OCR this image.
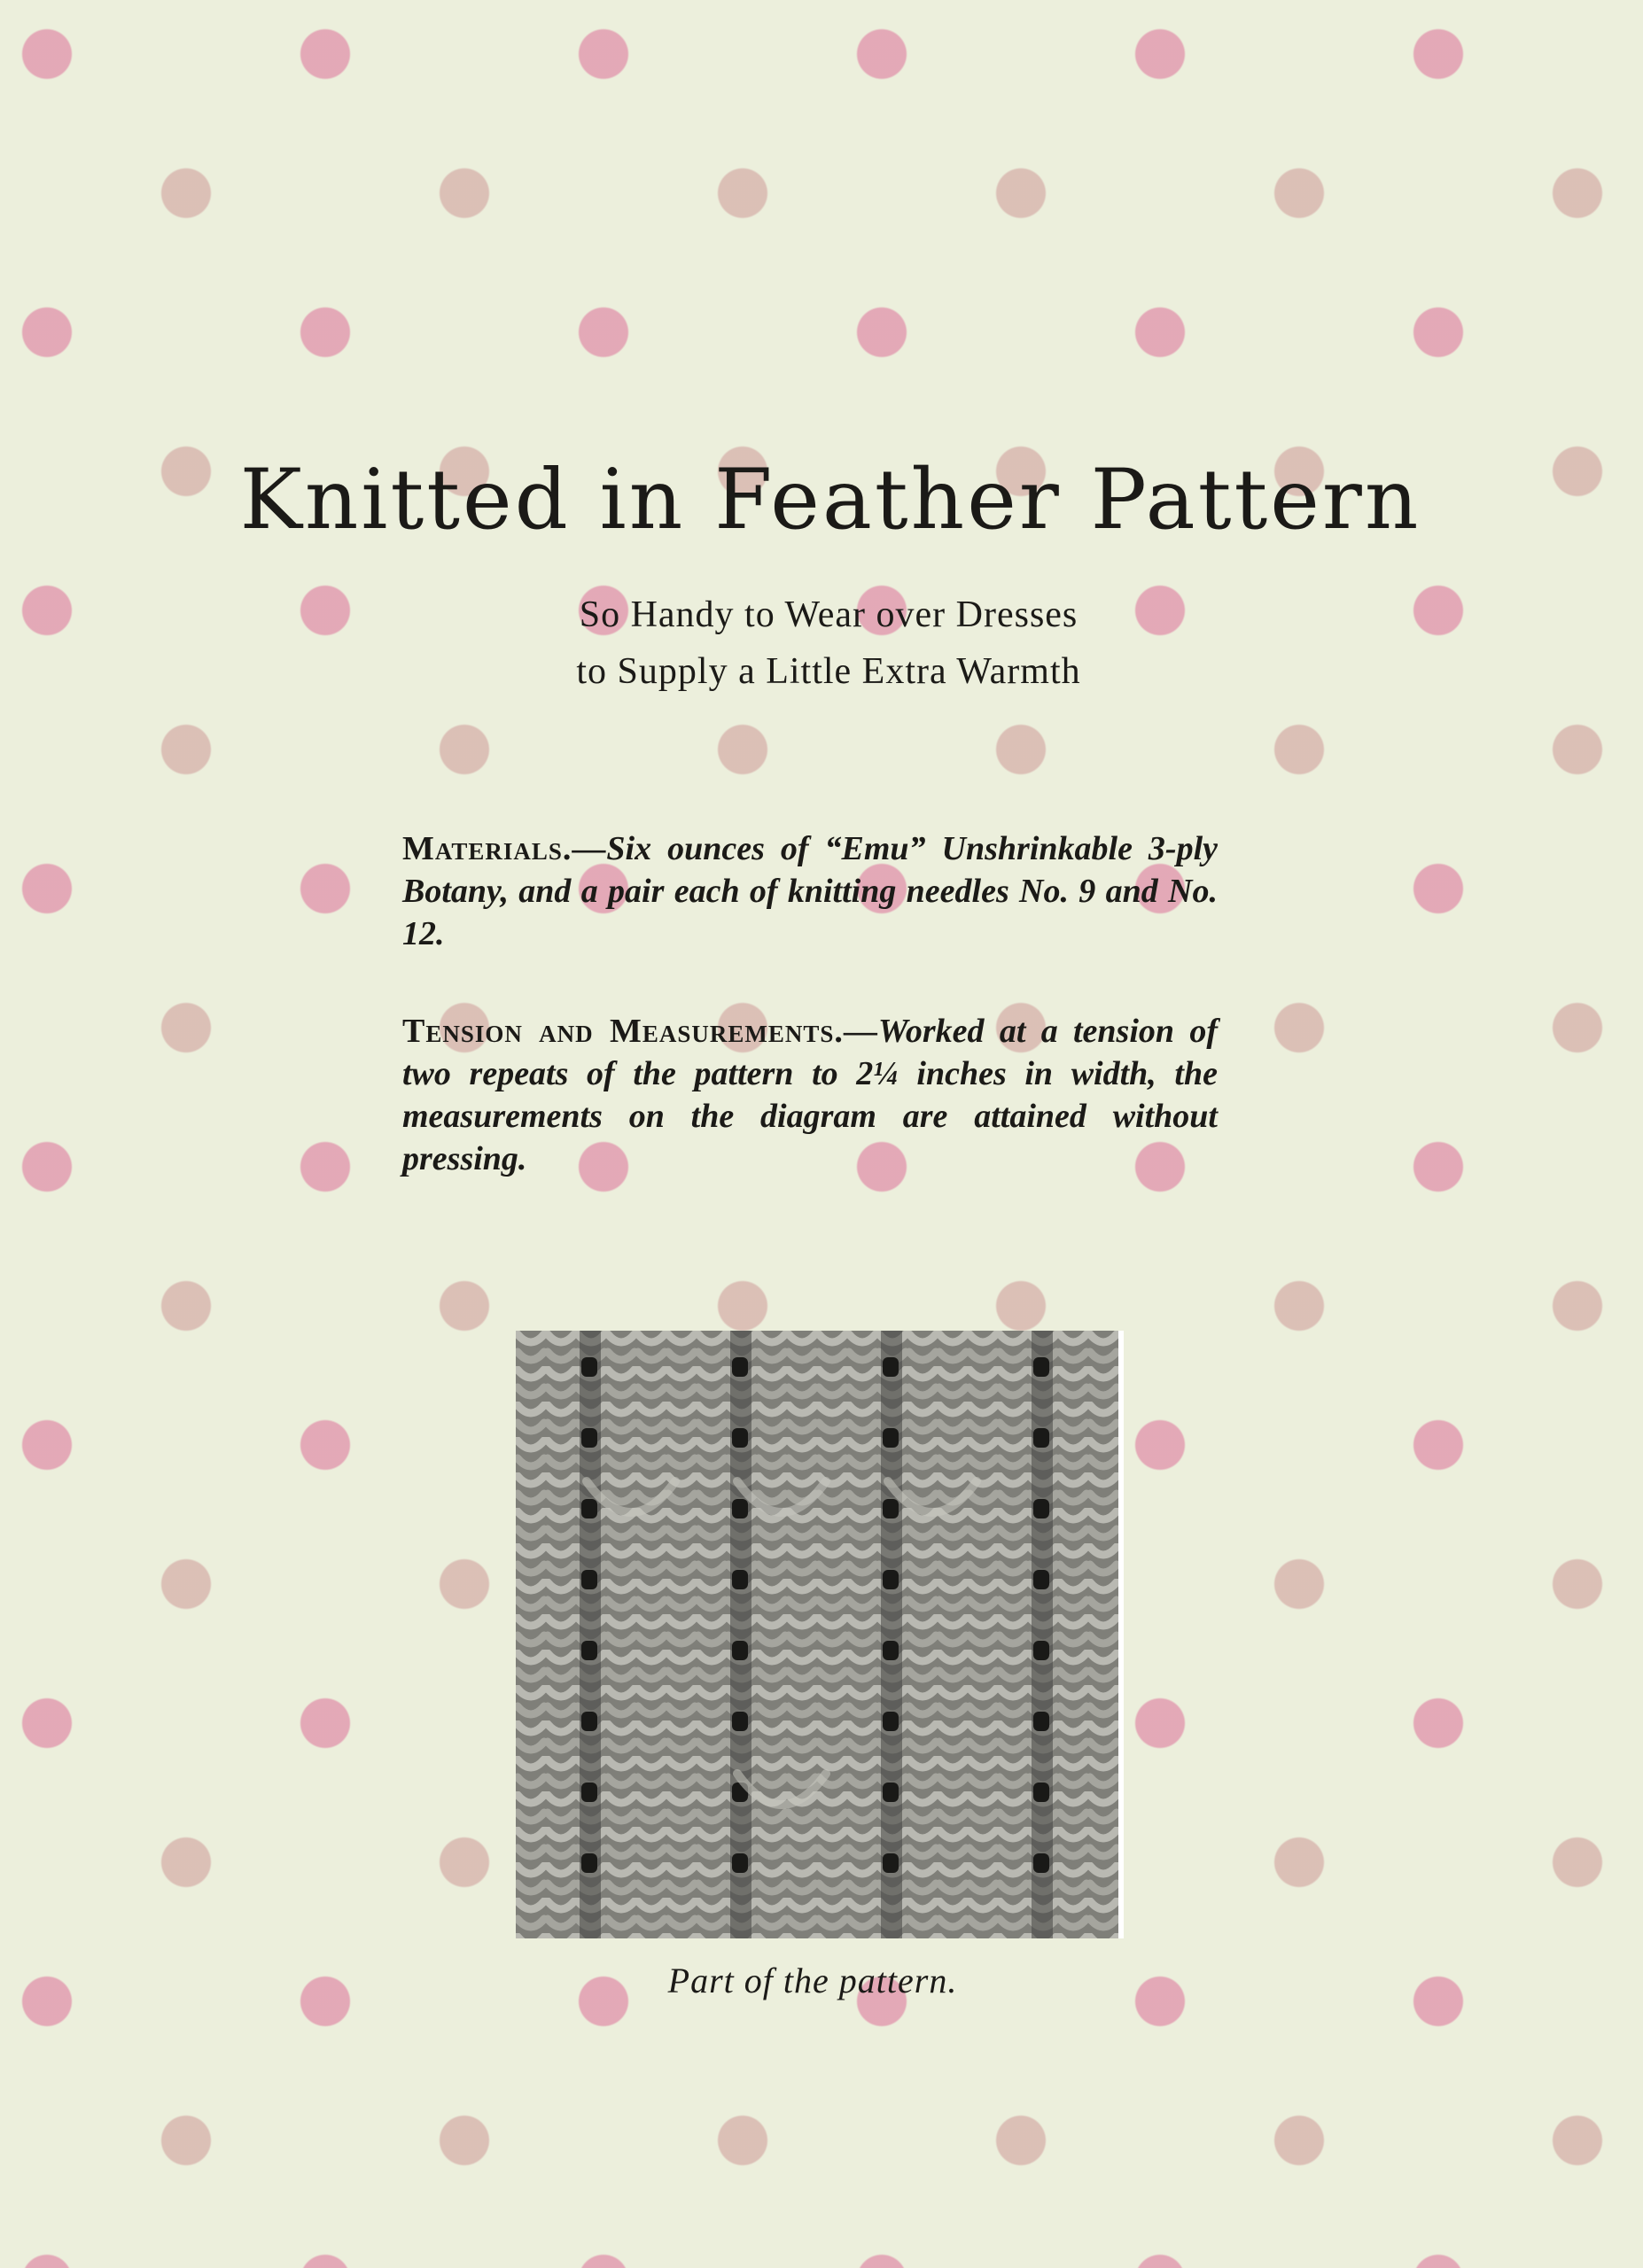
Knitted in Feather Pattern
So Handy to Wear over Dresses
to Supply a Little Extra Warmth

Materials.—Six ounces of “Emu” Unshrinkable 3-ply Botany, and a pair each of knitting needles No. 9 and No. 12.

Tension and Measurements.—Worked at a tension of two repeats of the pattern to 2¼ inches in width, the measurements on the diagram are attained without pressing.

Part of the pattern.
